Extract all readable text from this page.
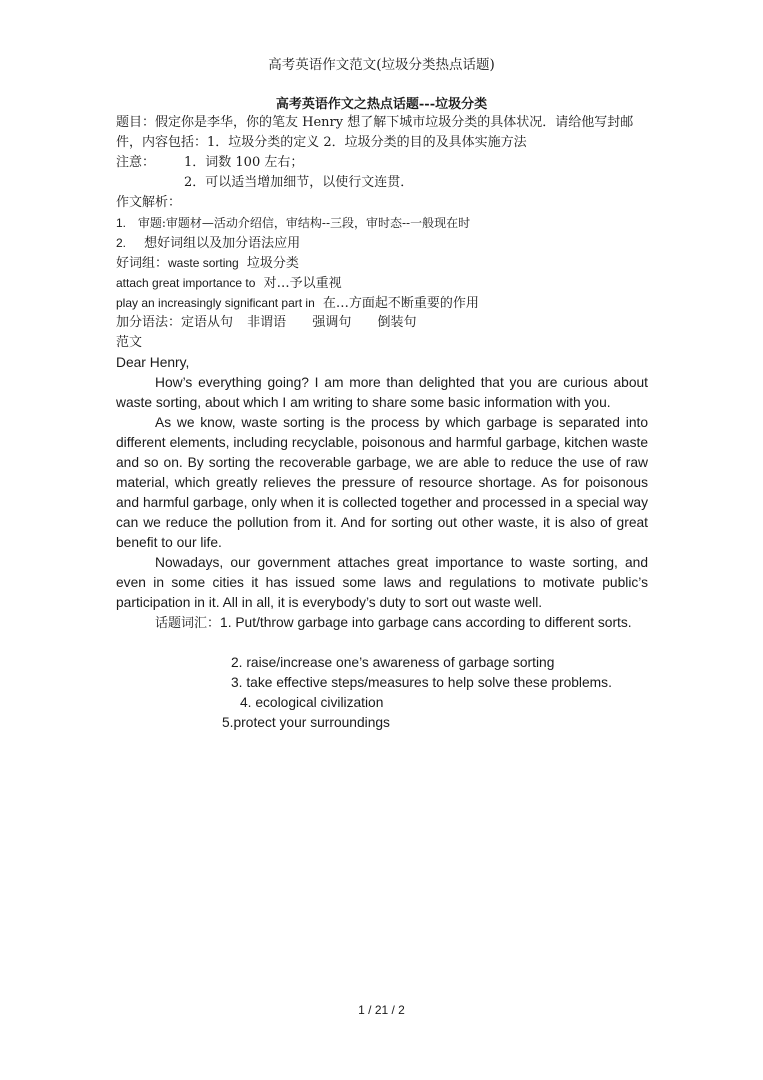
高考英语作文范文(垃圾分类热点话题)
高考英语作文之热点话题---垃圾分类
题目：假定你是李华，你的笔友 Henry 想了解下城市垃圾分类的具体状况．请给他写封邮
件，内容包括：1．垃圾分类的定义 2．垃圾分类的目的及具体实施方法
注意： 1．词数 100 左右；
2．可以适当增加细节，以使行文连贯．
作文解析：
1. 审题:审题材—活动介绍信，审结构--三段，审时态--一般现在时
2. 想好词组以及加分语法应用
好词组：waste sorting 垃圾分类
attach great importance to 对…予以重视
play an increasingly significant part in 在…方面起不断重要的作用
加分语法：定语从句 非谓语 强调句 倒装句
范文
Dear Henry,
How’s everything going? I am more than delighted that you are curious about waste sorting, about which I am writing to share some basic information with you.
As we know, waste sorting is the process by which garbage is separated into different elements, including recyclable, poisonous and harmful garbage, kitchen waste and so on. By sorting the recoverable garbage, we are able to reduce the use of raw material, which greatly relieves the pressure of resource shortage. As for poisonous and harmful garbage, only when it is collected together and processed in a special way can we reduce the pollution from it. And for sorting out other waste, it is also of great benefit to our life.
Nowadays, our government attaches great importance to waste sorting, and even in some cities it has issued some laws and regulations to motivate public’s participation in it. All in all, it is everybody’s duty to sort out waste well.
话题词汇：1. Put/throw garbage into garbage cans according to different sorts.
2. raise/increase one’s awareness of garbage sorting
3. take effective steps/measures to help solve these problems.
4. ecological civilization
5.protect your surroundings
1 / 21 / 2
